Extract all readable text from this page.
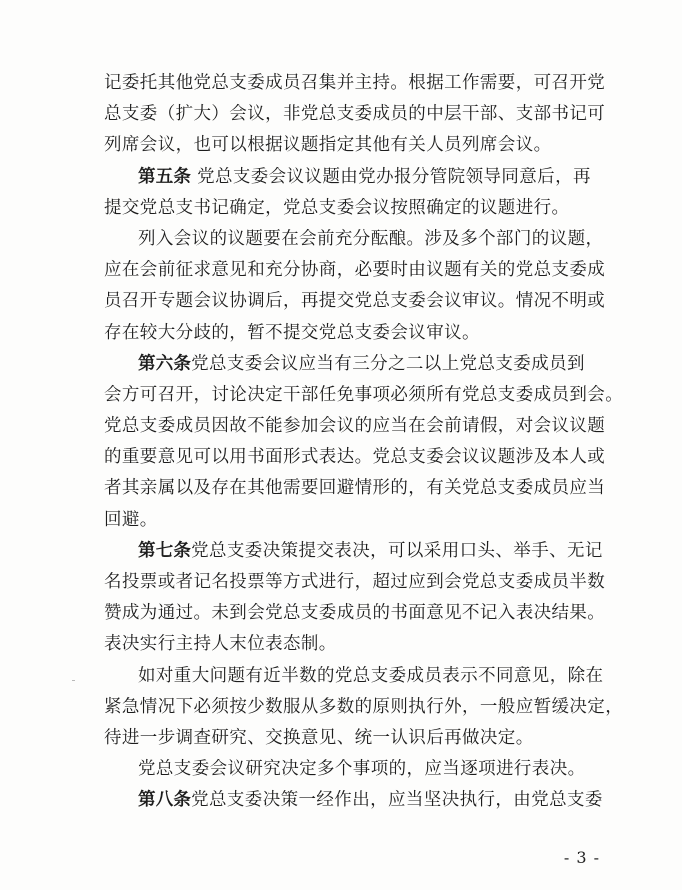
记委托其他党总支委成员召集并主持。根据工作需要，可召开党
总支委（扩大）会议，非党总支委成员的中层干部、支部书记可
列席会议，也可以根据议题指定其他有关人员列席会议。
第五条 党总支委会议议题由党办报分管院领导同意后，再
提交党总支书记确定，党总支委会议按照确定的议题进行。
列入会议的议题要在会前充分酝酿。涉及多个部门的议题，
应在会前征求意见和充分协商，必要时由议题有关的党总支委成
员召开专题会议协调后，再提交党总支委会议审议。情况不明或
存在较大分歧的，暂不提交党总支委会议审议。
第六条党总支委会议应当有三分之二以上党总支委成员到
会方可召开，讨论决定干部任免事项必须所有党总支委成员到会。
党总支委成员因故不能参加会议的应当在会前请假，对会议议题
的重要意见可以用书面形式表达。党总支委会议议题涉及本人或
者其亲属以及存在其他需要回避情形的，有关党总支委成员应当
回避。
第七条党总支委决策提交表决，可以采用口头、举手、无记
名投票或者记名投票等方式进行，超过应到会党总支委成员半数
赞成为通过。未到会党总支委成员的书面意见不记入表决结果。
表决实行主持人末位表态制。
如对重大问题有近半数的党总支委成员表示不同意见，除在
紧急情况下必须按少数服从多数的原则执行外，一般应暂缓决定，
待进一步调查研究、交换意见、统一认识后再做决定。
党总支委会议研究决定多个事项的，应当逐项进行表决。
第八条党总支委决策一经作出，应当坚决执行，由党总支委
- 3 -
